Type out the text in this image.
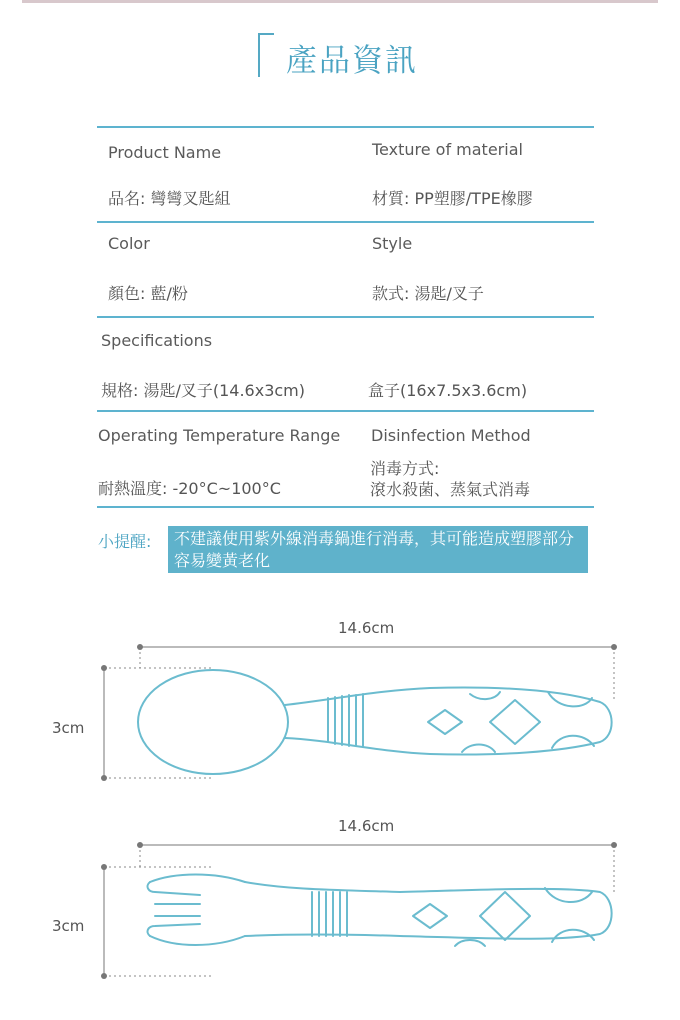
產品資訊
Product Name
品名: 彎彎叉匙組
Texture of material
材質: PP塑膠/TPE橡膠
Color
顏色: 藍/粉
Style
款式: 湯匙/叉子
Specifications
規格: 湯匙/叉子(14.6x3cm)	盒子(16x7.5x3.6cm)
Operating Temperature Range
耐熱溫度: -20°C~100°C
Disinfection Method
消毒方式:
滾水殺菌、蒸氣式消毒
小提醒: 不建議使用紫外線消毒鍋進行消毒，其可能造成塑膠部分容易變黃老化
14.6cm
3cm
14.6cm
3cm
